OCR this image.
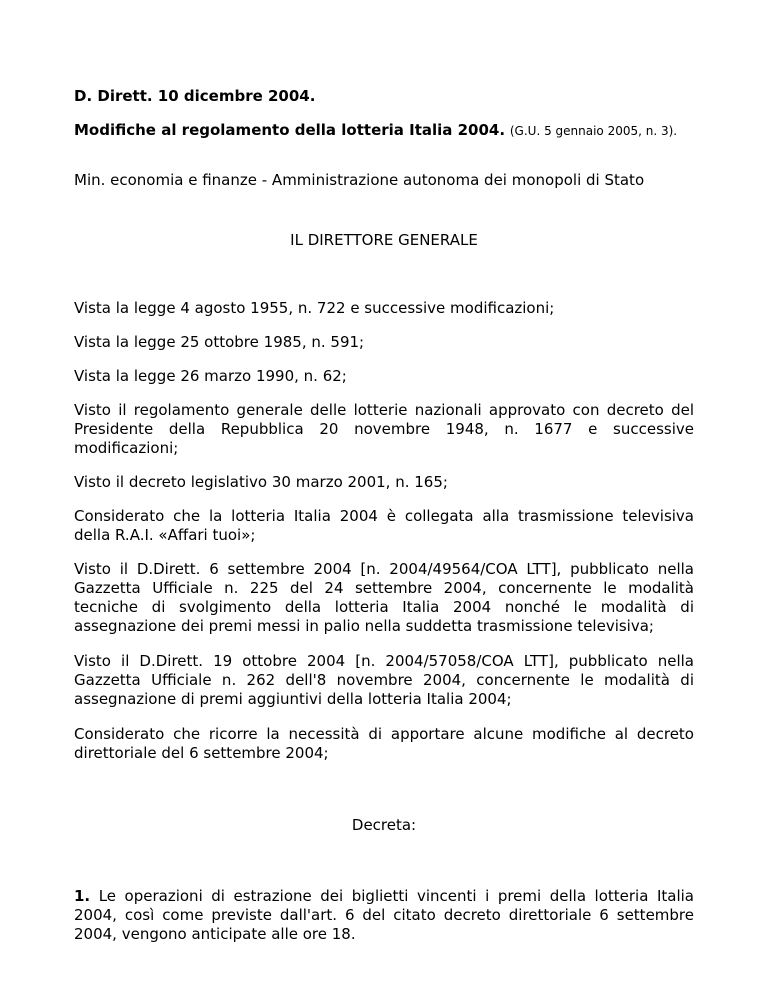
D. Dirett. 10 dicembre 2004.

Modifiche al regolamento della lotteria Italia 2004. (G.U. 5 gennaio 2005, n. 3).

Min. economia e finanze - Amministrazione autonoma dei monopoli di Stato

IL DIRETTORE GENERALE

Vista la legge 4 agosto 1955, n. 722 e successive modificazioni;

Vista la legge 25 ottobre 1985, n. 591;

Vista la legge 26 marzo 1990, n. 62;

Visto il regolamento generale delle lotterie nazionali approvato con decreto del Presidente della Repubblica 20 novembre 1948, n. 1677 e successive modificazioni;

Visto il decreto legislativo 30 marzo 2001, n. 165;

Considerato che la lotteria Italia 2004 è collegata alla trasmissione televisiva della R.A.I. «Affari tuoi»;

Visto il D.Dirett. 6 settembre 2004 [n. 2004/49564/COA LTT], pubblicato nella Gazzetta Ufficiale n. 225 del 24 settembre 2004, concernente le modalità tecniche di svolgimento della lotteria Italia 2004 nonché le modalità di assegnazione dei premi messi in palio nella suddetta trasmissione televisiva;

Visto il D.Dirett. 19 ottobre 2004 [n. 2004/57058/COA LTT], pubblicato nella Gazzetta Ufficiale n. 262 dell'8 novembre 2004, concernente le modalità di assegnazione di premi aggiuntivi della lotteria Italia 2004;

Considerato che ricorre la necessità di apportare alcune modifiche al decreto direttoriale del 6 settembre 2004;

Decreta:

1. Le operazioni di estrazione dei biglietti vincenti i premi della lotteria Italia 2004, così come previste dall'art. 6 del citato decreto direttoriale 6 settembre 2004, vengono anticipate alle ore 18.
